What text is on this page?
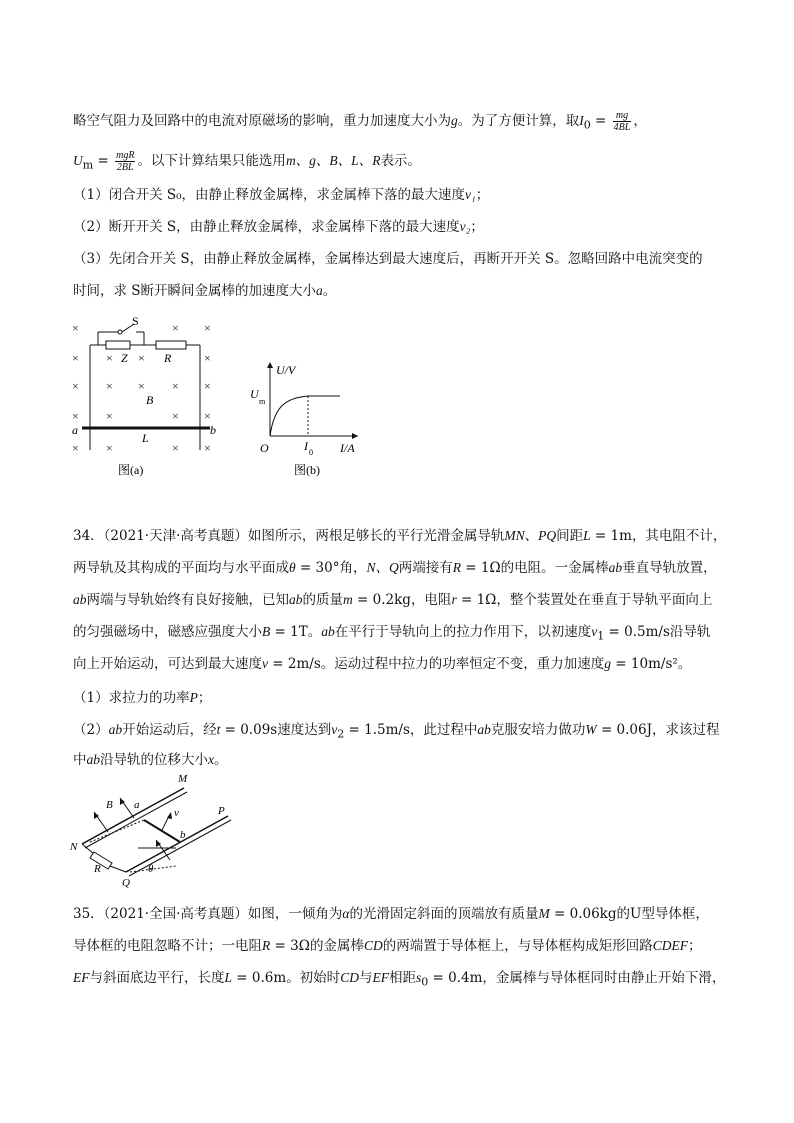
略空气阻力及回路中的电流对原磁场的影响，重力加速度大小为g。为了方便计算，取$I_0 = \frac{mg}{4BL}$ ，
$U_m = \frac{\text{mgR}}{2BL}$ 。以下计算结果只能选用m、g、B、L、R表示。
（1）闭合开关 S₀，由静止释放金属棒，求金属棒下落的最大速度v₁；
（2）断开开关 S，由静止释放金属棒，求金属棒下落的最大速度v₂；
（3）先闭合开关 S，由静止释放金属棒，金属棒达到最大速度后，再断开开关 S。忽略回路中电流突变的
时间，求 S断开瞬间金属棒的加速度大小a。
×	× ×
×	×
× × × × ×
× ×	× ×
× ×	× ×
× ×
S
Z	R
B
a	b
L
图(a)
U/V
I/A
U
m
I 0
O
图(b)
34．（2021·天津·高考真题）如图所示，两根足够长的平行光滑金属导轨MN、PQ间距L = 1m，其电阻不计，
两导轨及其构成的平面均与水平面成θ = 30°角，N、Q两端接有R = 1Ω的电阻。一金属棒ab垂直导轨放置，
ab两端与导轨始终有良好接触，已知ab的质量m = 0.2kg，电阻r = 1Ω，整个装置处在垂直于导轨平面向上
的匀强磁场中，磁感应强度大小B = 1T。ab在平行于导轨向上的拉力作用下，以初速度$v_1 = 0.5m/s$沿导轨
向上开始运动，可达到最大速度v = 2m/s。运动过程中拉力的功率恒定不变，重力加速度g = 10m/s²。
（1）求拉力的功率P；
（2）ab开始运动后，经t = 0.09s速度达到$v_2 = 1.5m/s$，此过程中ab克服安培力做功W = 0.06J，求该过程
中ab沿导轨的位移大小x。
M
P
N
Q
B a
b
v
R	θ
35．（2021·全国·高考真题）如图，一倾角为α的光滑固定斜面的顶端放有质量M = 0.06kg的U型导体框，
导体框的电阻忽略不计；一电阻R = 3Ω的金属棒CD的两端置于导体框上，与导体框构成矩形回路CDEF；
EF与斜面底边平行，长度L = 0.6m。初始时CD与EF相距$s_0 = 0.4m$，金属棒与导体框同时由静止开始下滑，
